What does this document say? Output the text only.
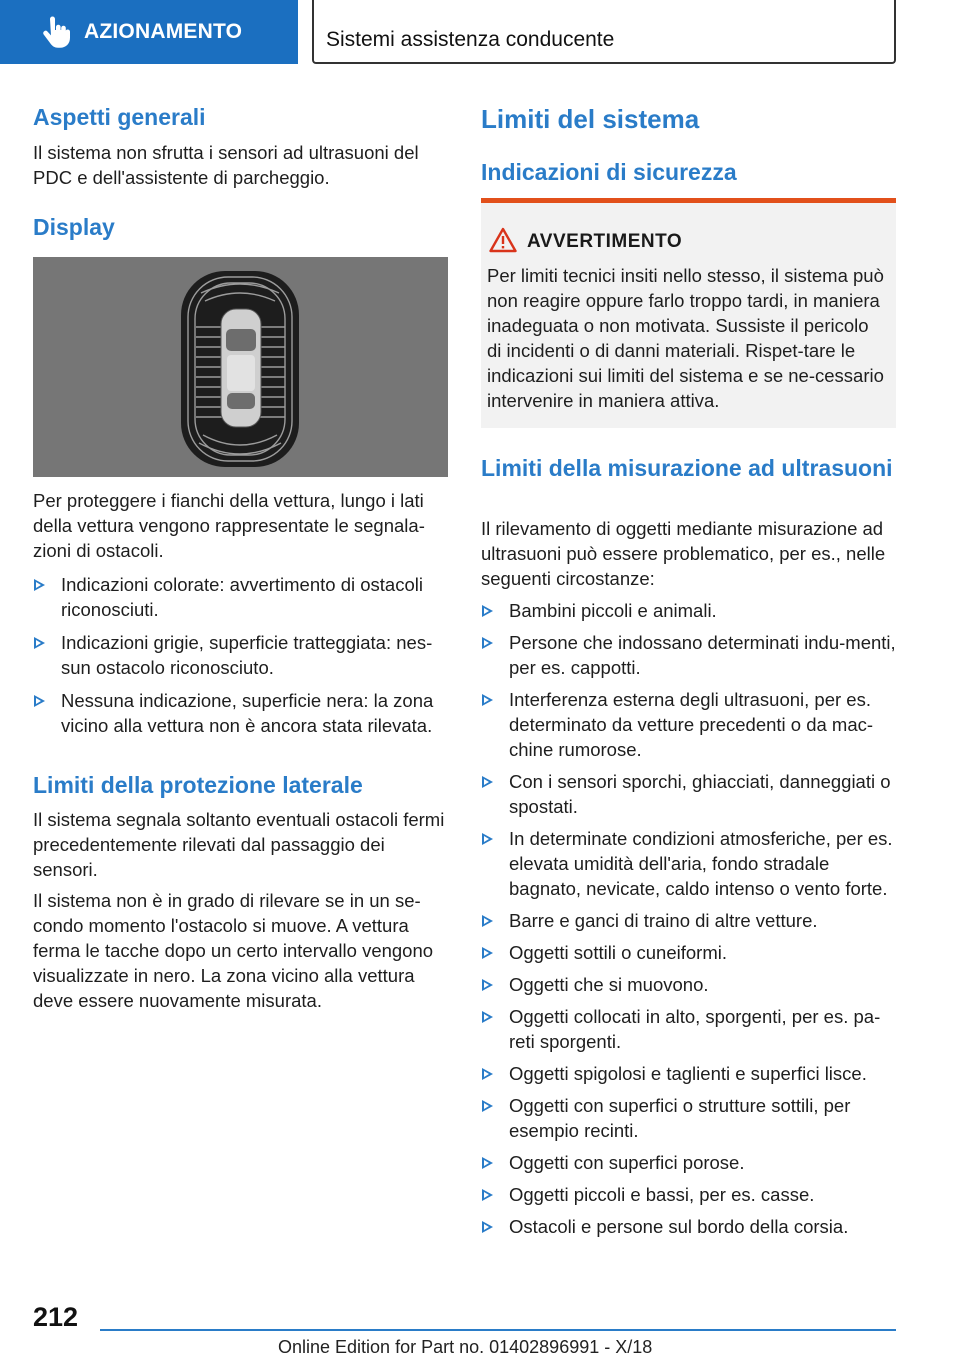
AZIONAMENTO	Sistemi assistenza conducente
Aspetti generali

Il sistema non sfrutta i sensori ad ultrasuoni del PDC e dell'assistente di parcheggio.

Display

Per proteggere i fianchi della vettura, lungo i lati della vettura vengono rappresentate le segnala-zioni di ostacoli.

Indicazioni colorate: avvertimento di ostacoli riconosciuti.
Indicazioni grigie, superficie tratteggiata: nes-sun ostacolo riconosciuto.
Nessuna indicazione, superficie nera: la zona vicino alla vettura non è ancora stata rilevata.
Limiti della protezione laterale

Il sistema segnala soltanto eventuali ostacoli fermi precedentemente rilevati dal passaggio dei sensori.

Il sistema non è in grado di rilevare se in un se-condo momento l'ostacolo si muove. A vettura ferma le tacche dopo un certo intervallo vengono visualizzate in nero. La zona vicino alla vettura deve essere nuovamente misurata.

Limiti del sistema
Indicazioni di sicurezza
AVVERTIMENTO
Per limiti tecnici insiti nello stesso, il sistema può non reagire oppure farlo troppo tardi, in maniera inadeguata o non motivata. Sussiste il pericolo di incidenti o di danni materiali. Rispet-tare le indicazioni sui limiti del sistema e se ne-cessario intervenire in maniera attiva.
Limiti della misurazione ad ultrasuoni

Il rilevamento di oggetti mediante misurazione ad ultrasuoni può essere problematico, per es., nelle seguenti circostanze:

Bambini piccoli e animali.
Persone che indossano determinati indu-menti, per es. cappotti.
Interferenza esterna degli ultrasuoni, per es. determinato da vetture precedenti o da mac-chine rumorose.
Con i sensori sporchi, ghiacciati, danneggiati o spostati.
In determinate condizioni atmosferiche, per es. elevata umidità dell'aria, fondo stradale bagnato, nevicate, caldo intenso o vento forte.
Barre e ganci di traino di altre vetture.
Oggetti sottili o cuneiformi.
Oggetti che si muovono.
Oggetti collocati in alto, sporgenti, per es. pa-reti sporgenti.
Oggetti spigolosi e taglienti e superfici lisce.
Oggetti con superfici o strutture sottili, per esempio recinti.
Oggetti con superfici porose.
Oggetti piccoli e bassi, per es. casse.
Ostacoli e persone sul bordo della corsia.
212
Online Edition for Part no. 01402896991 - X/18
